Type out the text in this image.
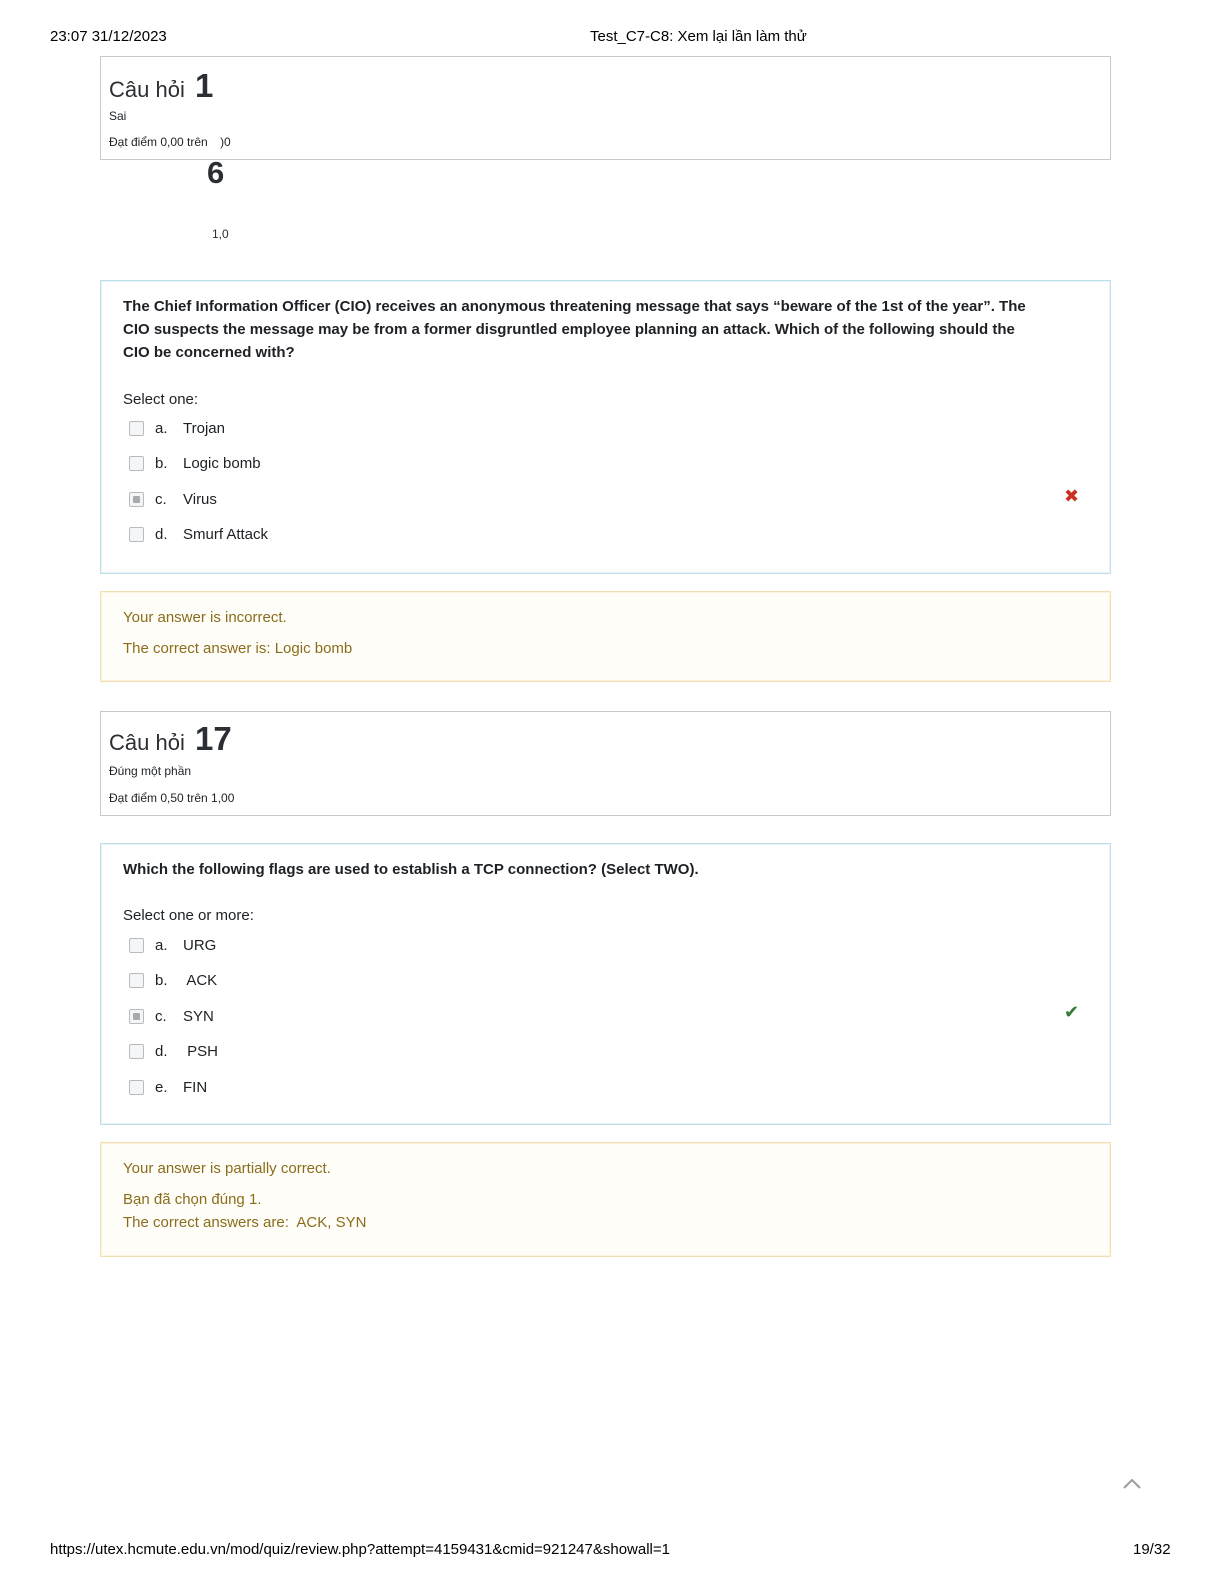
23:07 31/12/2023	Test_C7-C8: Xem lại lần làm thử
Câu hỏi 1
Sai
Đạt điểm 0,00 trên )0
6
1,0
The Chief Information Officer (CIO) receives an anonymous threatening message that says “beware of the 1st of the year”. The CIO suspects the message may be from a former disgruntled employee planning an attack. Which of the following should the CIO be concerned with?
Select one:
a.	Trojan
b.	Logic bomb
c.	Virus
d.	Smurf Attack
✖
Your answer is incorrect.
The correct answer is: Logic bomb
Câu hỏi 17
Đúng một phần
Đạt điểm 0,50 trên 1,00
Which the following flags are used to establish a TCP connection? (Select TWO).
Select one or more:
a.	URG
b.	ACK
c.	SYN
d.	PSH
e.	FIN
✔
Your answer is partially correct.
Bạn đã chọn đúng 1.
The correct answers are:  ACK, SYN
https://utex.hcmute.edu.vn/mod/quiz/review.php?attempt=4159431&cmid=921247&showall=1	19/32
